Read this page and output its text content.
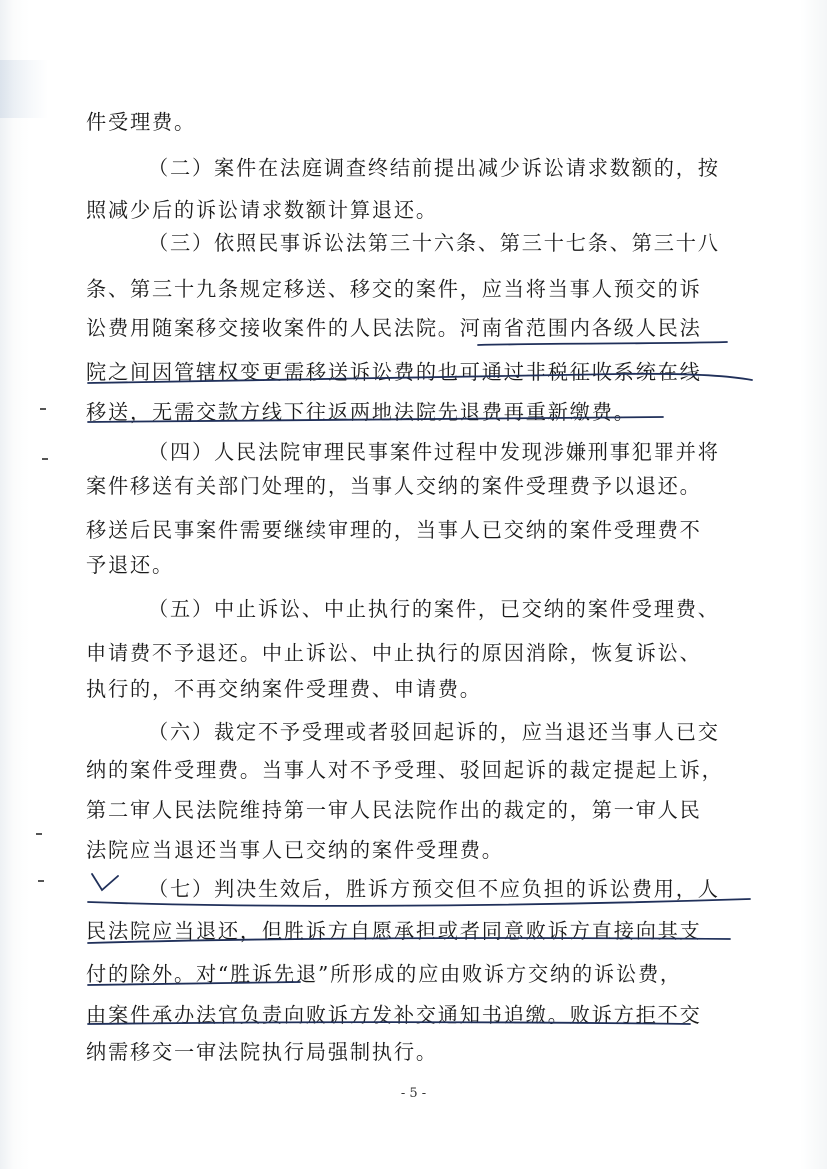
件受理费。
（二）案件在法庭调查终结前提出减少诉讼请求数额的，按
照减少后的诉讼请求数额计算退还。
（三）依照民事诉讼法第三十六条、第三十七条、第三十八
条、第三十九条规定移送、移交的案件，应当将当事人预交的诉
讼费用随案移交接收案件的人民法院。河南省范围内各级人民法
院之间因管辖权变更需移送诉讼费的也可通过非税征收系统在线
移送，无需交款方线下往返两地法院先退费再重新缴费。
（四）人民法院审理民事案件过程中发现涉嫌刑事犯罪并将
案件移送有关部门处理的，当事人交纳的案件受理费予以退还。
移送后民事案件需要继续审理的，当事人已交纳的案件受理费不
予退还。
（五）中止诉讼、中止执行的案件，已交纳的案件受理费、
申请费不予退还。中止诉讼、中止执行的原因消除，恢复诉讼、
执行的，不再交纳案件受理费、申请费。
（六）裁定不予受理或者驳回起诉的，应当退还当事人已交
纳的案件受理费。当事人对不予受理、驳回起诉的裁定提起上诉，
第二审人民法院维持第一审人民法院作出的裁定的，第一审人民
法院应当退还当事人已交纳的案件受理费。
（七）判决生效后，胜诉方预交但不应负担的诉讼费用，人
民法院应当退还，但胜诉方自愿承担或者同意败诉方直接向其支
付的除外。对“胜诉先退”所形成的应由败诉方交纳的诉讼费，
由案件承办法官负责向败诉方发补交通知书追缴。败诉方拒不交
纳需移交一审法院执行局强制执行。
- 5 -
